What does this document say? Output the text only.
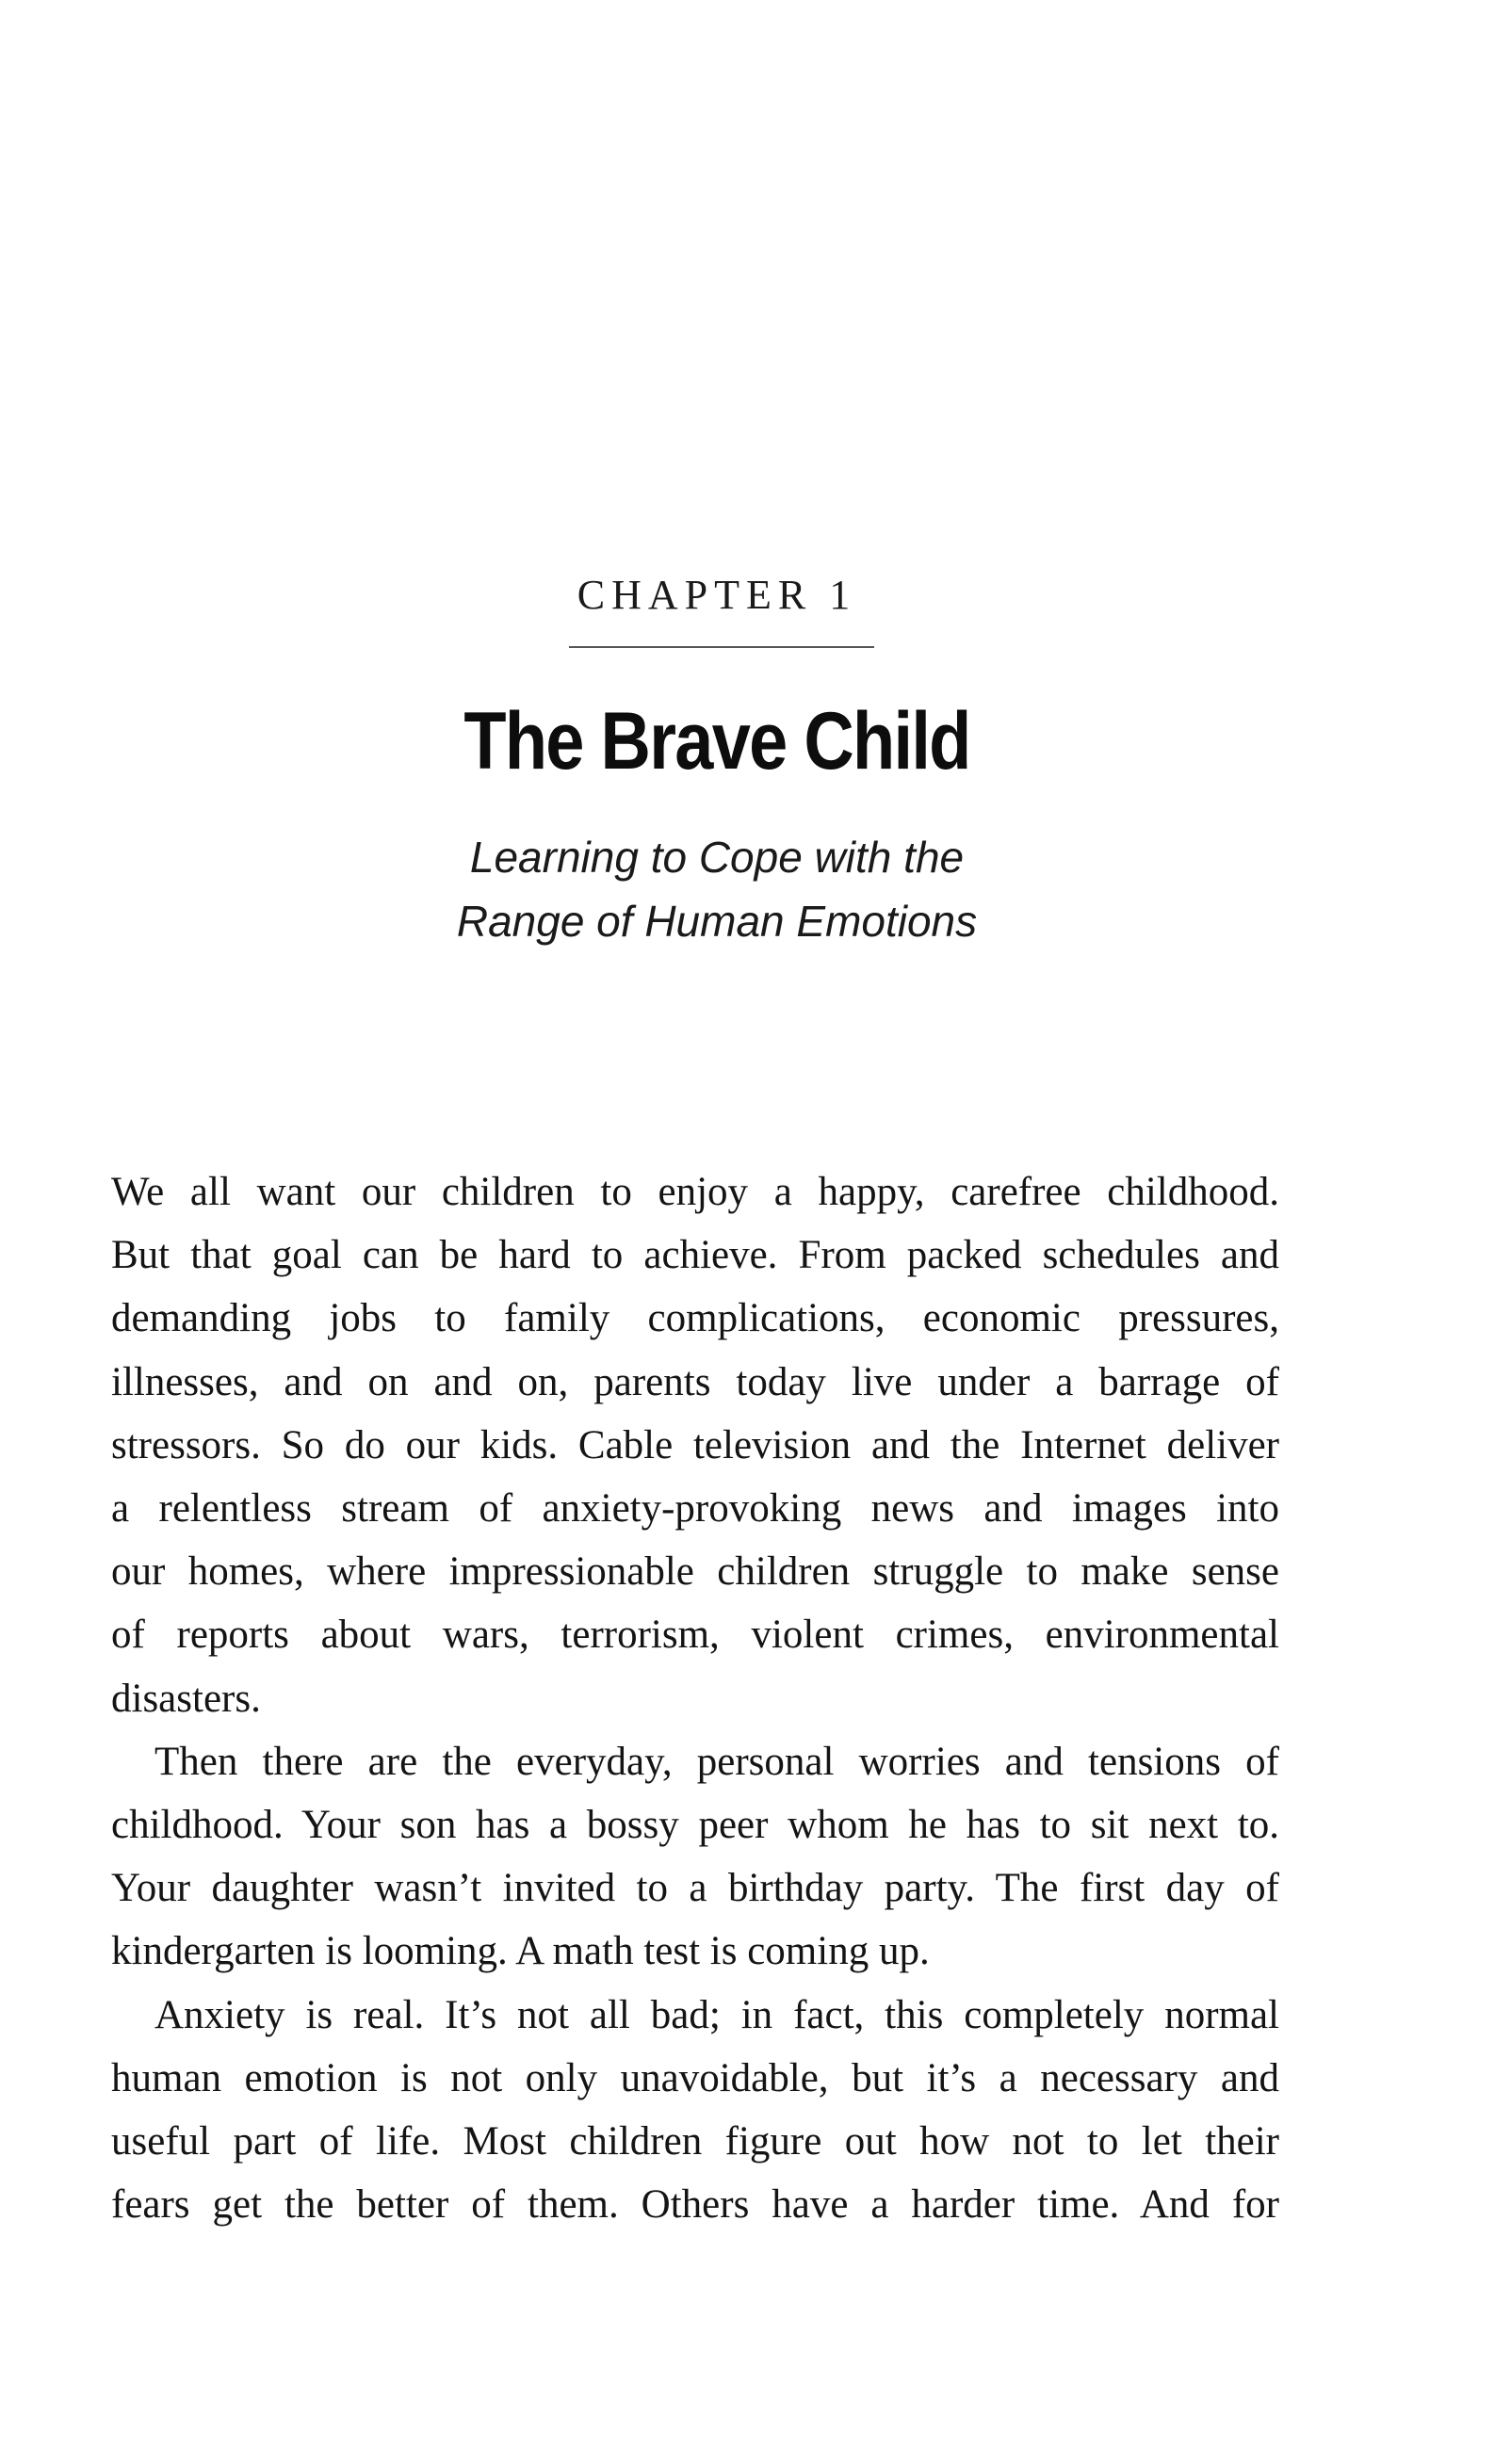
CHAPTER 1
The Brave Child
Learning to Cope with the
Range of Human Emotions
We all want our children to enjoy a happy, carefree childhood.
But that goal can be hard to achieve. From packed schedules and
demanding jobs to family complications, economic pressures,
illnesses, and on and on, parents today live under a barrage of
stressors. So do our kids. Cable television and the Internet deliver
a relentless stream of anxiety-provoking news and images into
our homes, where impressionable children struggle to make sense
of reports about wars, terrorism, violent crimes, environmental
disasters.
Then there are the everyday, personal worries and tensions of
childhood. Your son has a bossy peer whom he has to sit next to.
Your daughter wasn’t invited to a birthday party. The first day of
kindergarten is looming. A math test is coming up.
Anxiety is real. It’s not all bad; in fact, this completely normal
human emotion is not only unavoidable, but it’s a necessary and
useful part of life. Most children figure out how not to let their
fears get the better of them. Others have a harder time. And for
